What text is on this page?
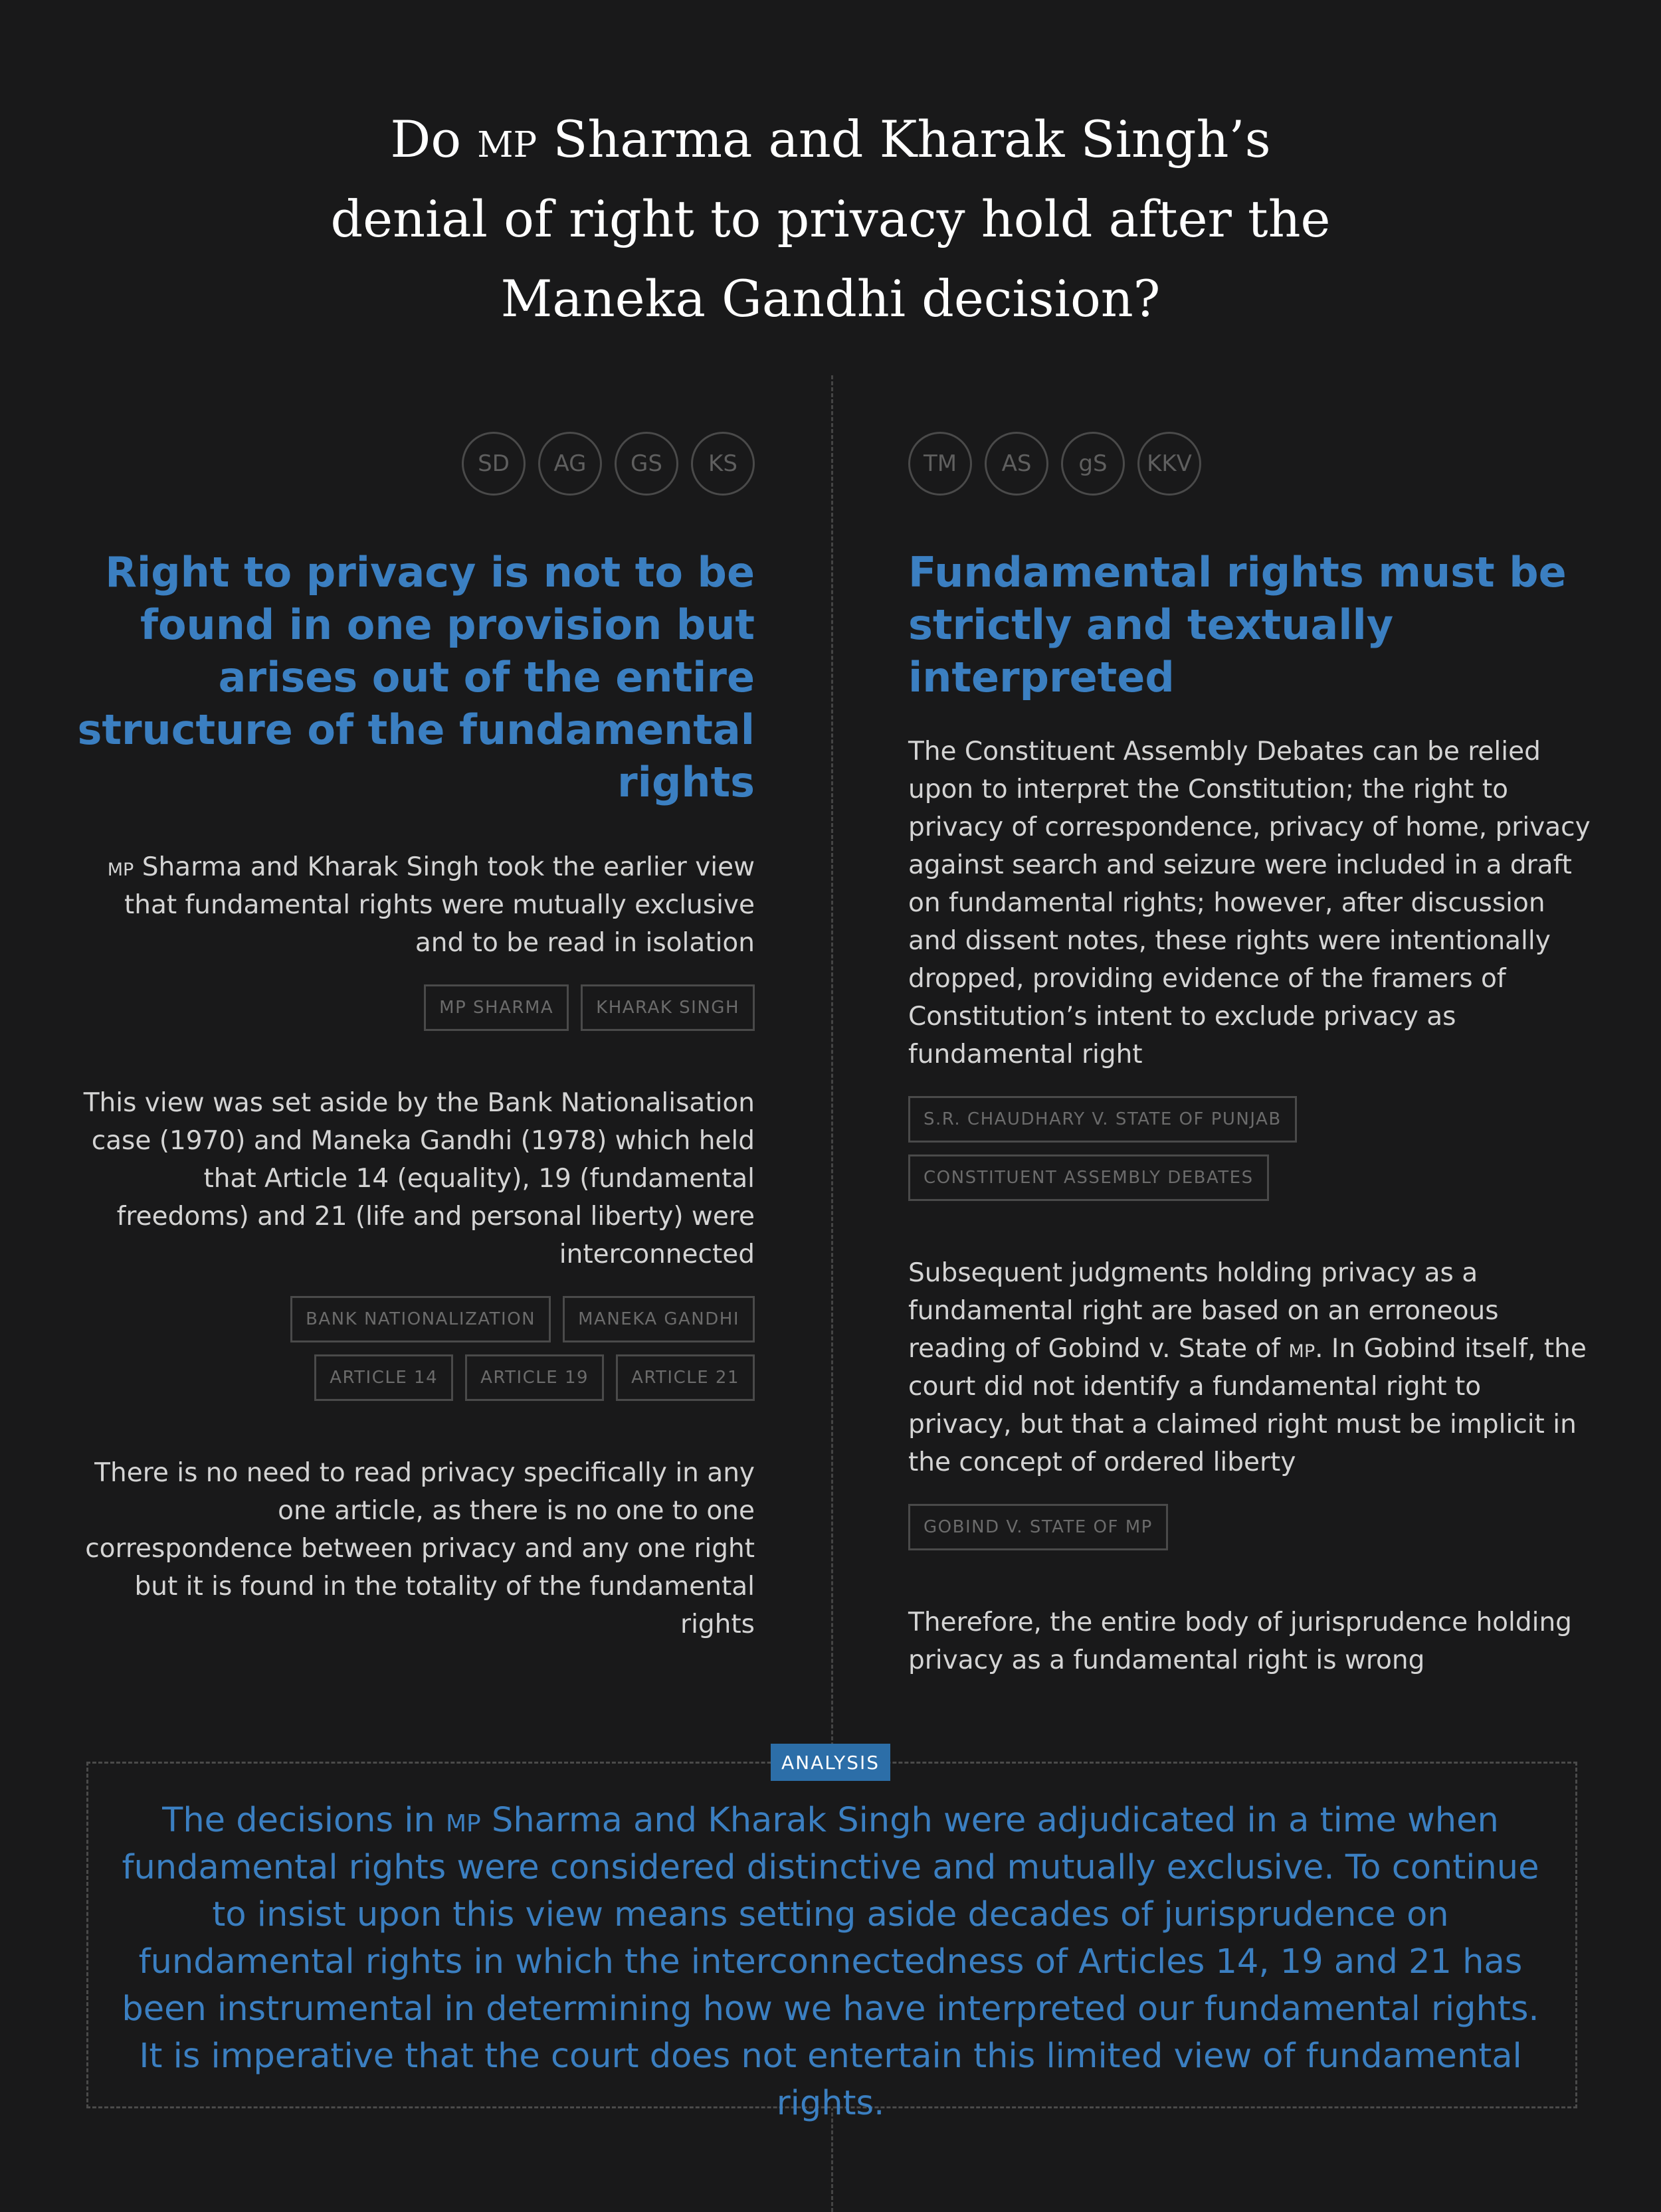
Do mp Sharma and Kharak Singh’s
denial of right to privacy hold after the
Maneka Gandhi decision?
SD	AG	GS	KS
Right to privacy is not to be found in one provision but arises out of the entire structure of the fundamental rights

mp Sharma and Kharak Singh took the earlier view that fundamental rights were mutually exclusive and to be read in isolation

MP SHARMA	KHARAK SINGH

This view was set aside by the Bank Nationalisation case (1970) and Maneka Gandhi (1978) which held that Article 14 (equality), 19 (fundamental freedoms) and 21 (life and personal liberty) were interconnected

BANK NATIONALIZATION	MANEKA GANDHI
ARTICLE 14	ARTICLE 19	ARTICLE 21

There is no need to read privacy specifically in any one article, as there is no one to one correspondence between privacy and any one right but it is found in the totality of the fundamental rights

TM	AS	gS	KKV
Fundamental rights must be strictly and textually interpreted

The Constituent Assembly Debates can be relied upon to interpret the Constitution; the right to privacy of correspondence, privacy of home, privacy against search and seizure were included in a draft on fundamental rights; however, after discussion and dissent notes, these rights were intentionally dropped, providing evidence of the framers of Constitution’s intent to exclude privacy as fundamental right

S.R. CHAUDHARY V. STATE OF PUNJAB
CONSTITUENT ASSEMBLY DEBATES

Subsequent judgments holding privacy as a fundamental right are based on an erroneous reading of Gobind v. State of mp. In Gobind itself, the court did not identify a fundamental right to privacy, but that a claimed right must be implicit in the concept of ordered liberty

GOBIND V. STATE OF MP

Therefore, the entire body of jurisprudence holding privacy as a fundamental right is wrong

ANALYSIS

The decisions in mp Sharma and Kharak Singh were adjudicated in a time when fundamental rights were considered distinctive and mutually exclusive. To continue to insist upon this view means setting aside decades of jurisprudence on fundamental rights in which the interconnectedness of Articles 14, 19 and 21 has been instrumental in determining how we have interpreted our fundamental rights. It is imperative that the court does not entertain this limited view of fundamental rights.
